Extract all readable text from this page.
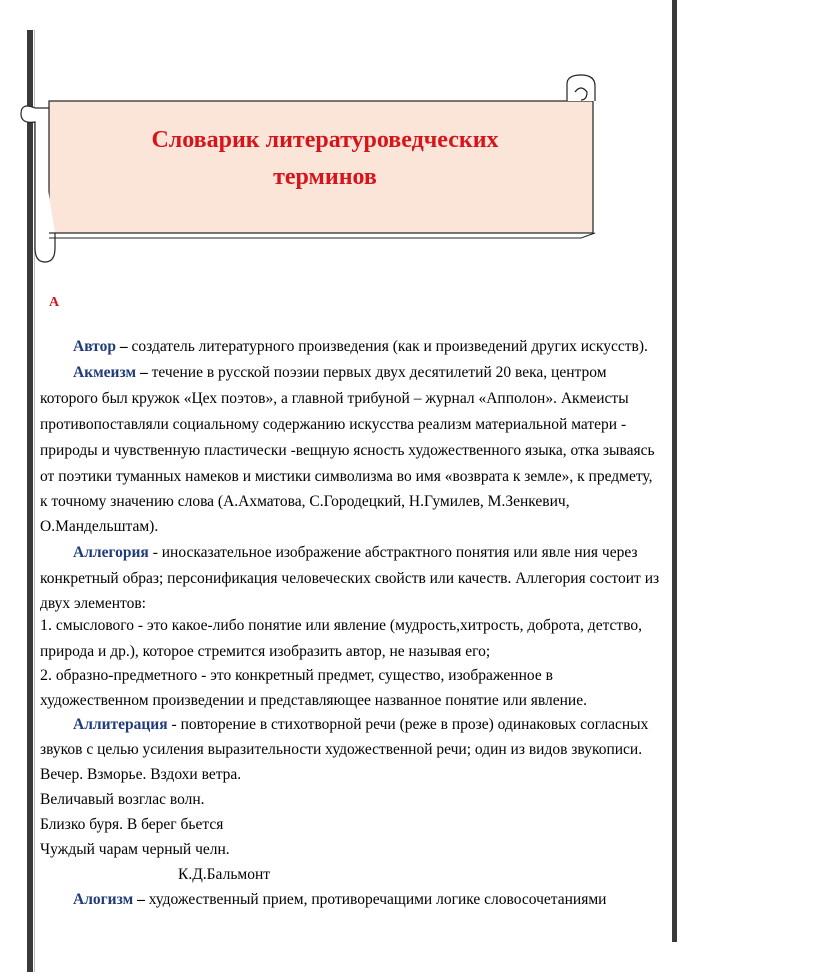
Словарик литературоведческих
терминов
А
Автор – создатель литературного произведения (как и произведений других искусств).
Акмеизм – течение в русской поэзии первых двух десятилетий 20 века, центром
которого был кружок «Цех поэтов», а главной трибуной – журнал «Апполон». Акмеисты
противопоставляли социальному содержанию искусства реализм материальной матери -
природы и чувственную пластически -вещную ясность художественного языка, отка зываясь
от поэтики туманных намеков и мистики символизма во имя «возврата к земле», к предмету,
к точному значению слова (А.Ахматова, С.Городецкий, Н.Гумилев, М.Зенкевич,
О.Мандельштам).
Аллегория - иносказательное изображение абстрактного понятия или явле ния через
конкретный образ; персонификация человеческих свойств или качеств. Аллегория состоит из
двух элементов:
1. смыслового - это какое-либо понятие или явление (мудрость,хитрость, доброта, детство,
природа и др.), которое стремится изобразить автор, не называя его;
2. образно-предметного - это конкретный предмет, существо, изображенное в
художественном произведении и представляющее названное понятие или явление.
Аллитерация - повторение в стихотворной речи (реже в прозе) одинаковых согласных
звуков с целью усиления выразительности художественной речи; один из видов звукописи.
Вечер. Взморье. Вздохи ветра.
Величавый возглас волн.
Близко буря. В берег бьется
Чуждый чарам черный челн.
К.Д.Бальмонт
Алогизм – художественный прием, противоречащими логике словосочетаниями
